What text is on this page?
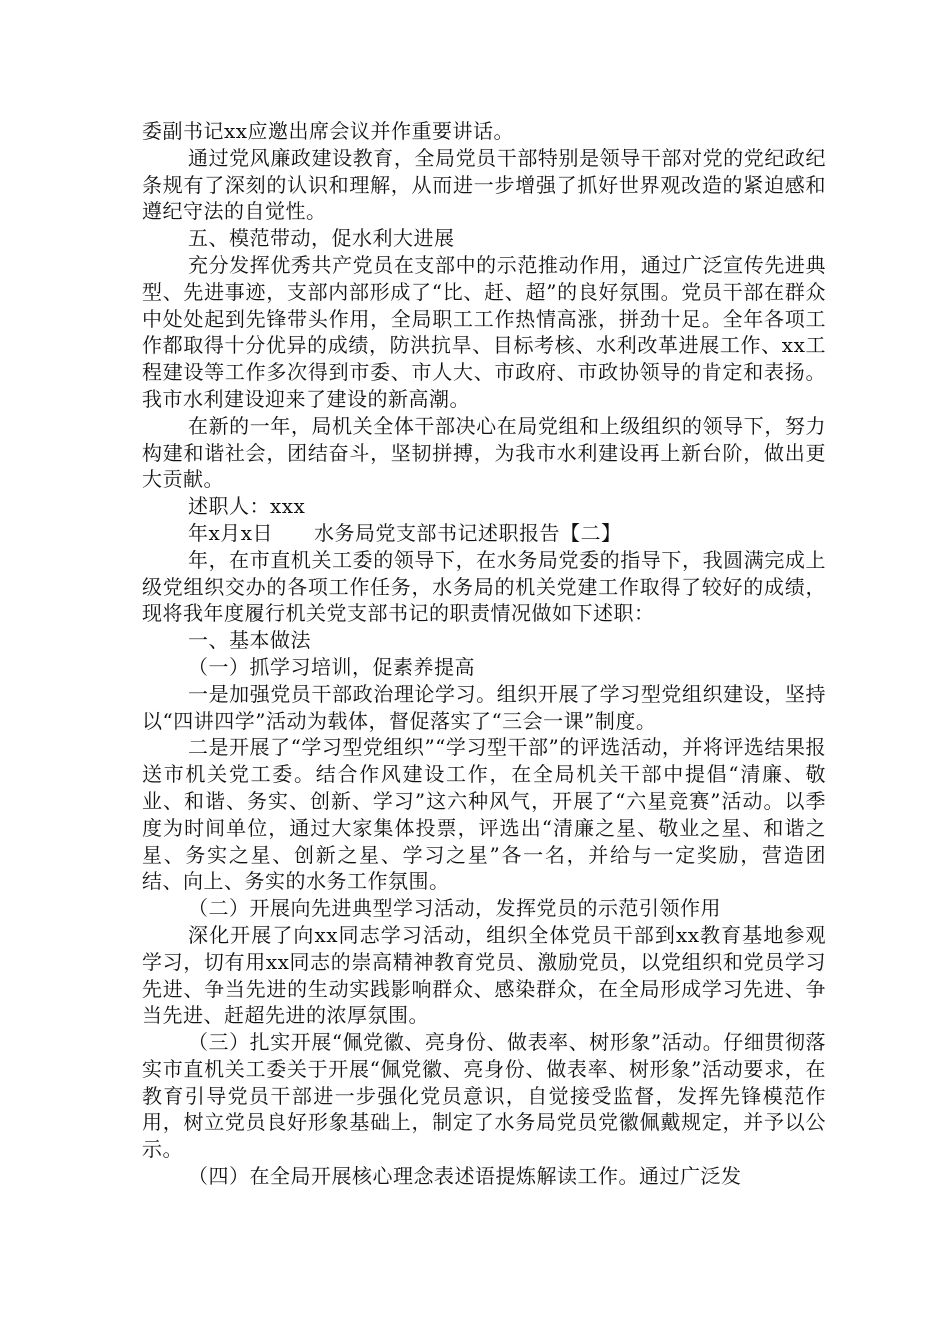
委副书记xx应邀出席会议并作重要讲话。

通过党风廉政建设教育，全局党员干部特别是领导干部对党的党纪政纪条规有了深刻的认识和理解，从而进一步增强了抓好世界观改造的紧迫感和遵纪守法的自觉性。

五、模范带动，促水利大进展

充分发挥优秀共产党员在支部中的示范推动作用，通过广泛宣传先进典型、先进事迹，支部内部形成了“比、赶、超”的良好氛围。党员干部在群众中处处起到先锋带头作用，全局职工工作热情高涨，拼劲十足。全年各项工作都取得十分优异的成绩，防洪抗旱、目标考核、水利改革进展工作、xx工程建设等工作多次得到市委、市人大、市政府、市政协领导的肯定和表扬。我市水利建设迎来了建设的新高潮。

在新的一年，局机关全体干部决心在局党组和上级组织的领导下，努力构建和谐社会，团结奋斗，坚韧拼搏，为我市水利建设再上新台阶，做出更大贡献。

述职人：xxx

年x月x日　　水务局党支部书记述职报告【二】

年，在市直机关工委的领导下，在水务局党委的指导下，我圆满完成上级党组织交办的各项工作任务，水务局的机关党建工作取得了较好的成绩，现将我年度履行机关党支部书记的职责情况做如下述职：

一、基本做法

（一）抓学习培训，促素养提高

一是加强党员干部政治理论学习。组织开展了学习型党组织建设，坚持以“四讲四学”活动为载体，督促落实了“三会一课”制度。

二是开展了“学习型党组织”“学习型干部”的评选活动，并将评选结果报送市机关党工委。结合作风建设工作，在全局机关干部中提倡“清廉、敬业、和谐、务实、创新、学习”这六种风气，开展了“六星竞赛”活动。以季度为时间单位，通过大家集体投票，评选出“清廉之星、敬业之星、和谐之星、务实之星、创新之星、学习之星”各一名，并给与一定奖励，营造团结、向上、务实的水务工作氛围。

（二）开展向先进典型学习活动，发挥党员的示范引领作用

深化开展了向xx同志学习活动，组织全体党员干部到xx教育基地参观学习，切有用xx同志的崇高精神教育党员、激励党员，以党组织和党员学习先进、争当先进的生动实践影响群众、感染群众，在全局形成学习先进、争当先进、赶超先进的浓厚氛围。

（三）扎实开展“佩党徽、亮身份、做表率、树形象”活动。仔细贯彻落实市直机关工委关于开展“佩党徽、亮身份、做表率、树形象”活动要求，在教育引导党员干部进一步强化党员意识，自觉接受监督，发挥先锋模范作用，树立党员良好形象基础上，制定了水务局党员党徽佩戴规定，并予以公示。

（四）在全局开展核心理念表述语提炼解读工作。通过广泛发
